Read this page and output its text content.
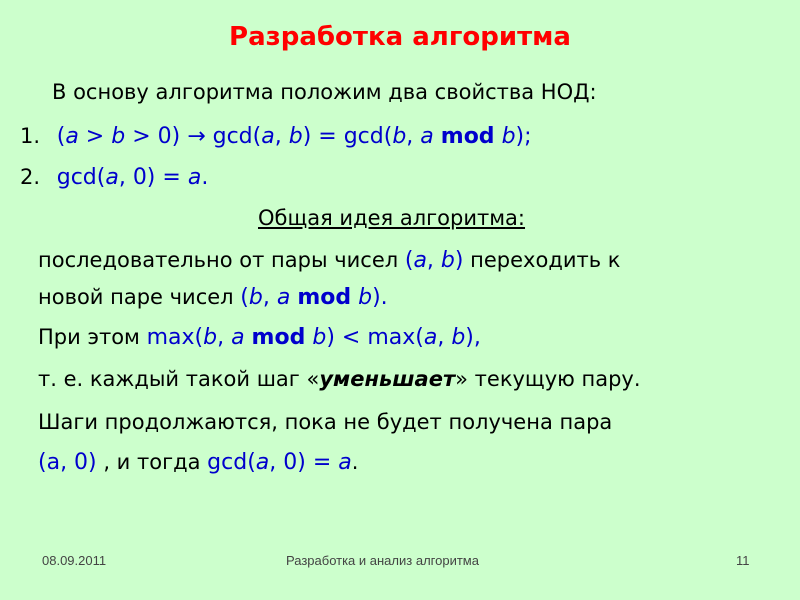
Разработка алгоритма
В основу алгоритма положим два свойства НОД:
1. (a > b > 0) → gcd(a, b) = gcd(b, a mod b);
2. gcd(a, 0) = a.
Общая идея алгоритма:
последовательно от пары чисел (a, b) переходить к
новой паре чисел (b, a mod b).
При этом max(b, a mod b) < max(a, b),
т. е. каждый такой шаг «уменьшает» текущую пару.
Шаги продолжаются, пока не будет получена пара
(a, 0) , и тогда gcd(a, 0) = a.
08.09.2011	Разработка и анализ алгоритма	11
